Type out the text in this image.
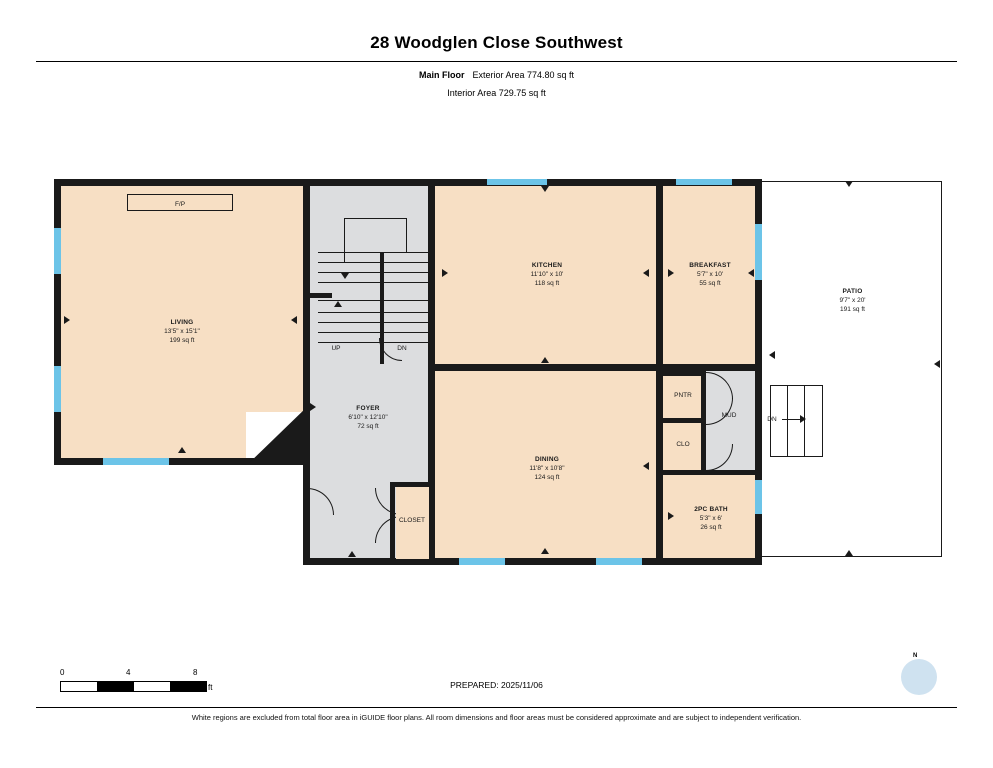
28 Woodglen Close Southwest
Main Floor Exterior Area 774.80 sq ft
Interior Area 729.75 sq ft
PATIO
9'7" x 20'
191 sq ft
F/P
LIVING
13'5" x 15'1"
199 sq ft
UP	DN
FOYER
6'10" x 12'10"
72 sq ft
CLOSET
KITCHEN
11'10" x 10'
118 sq ft
BREAKFAST
5'7" x 10'
55 sq ft
DINING
11'8" x 10'8"
124 sq ft
PNTR
CLO
MUD
DN
2PC BATH
5'3" x 6'
26 sq ft
0	4	8
ft	PREPARED: 2025/11/06
N
White regions are excluded from total floor area in iGUIDE floor plans. All room dimensions and floor areas must be considered approximate and are subject to independent verification.
